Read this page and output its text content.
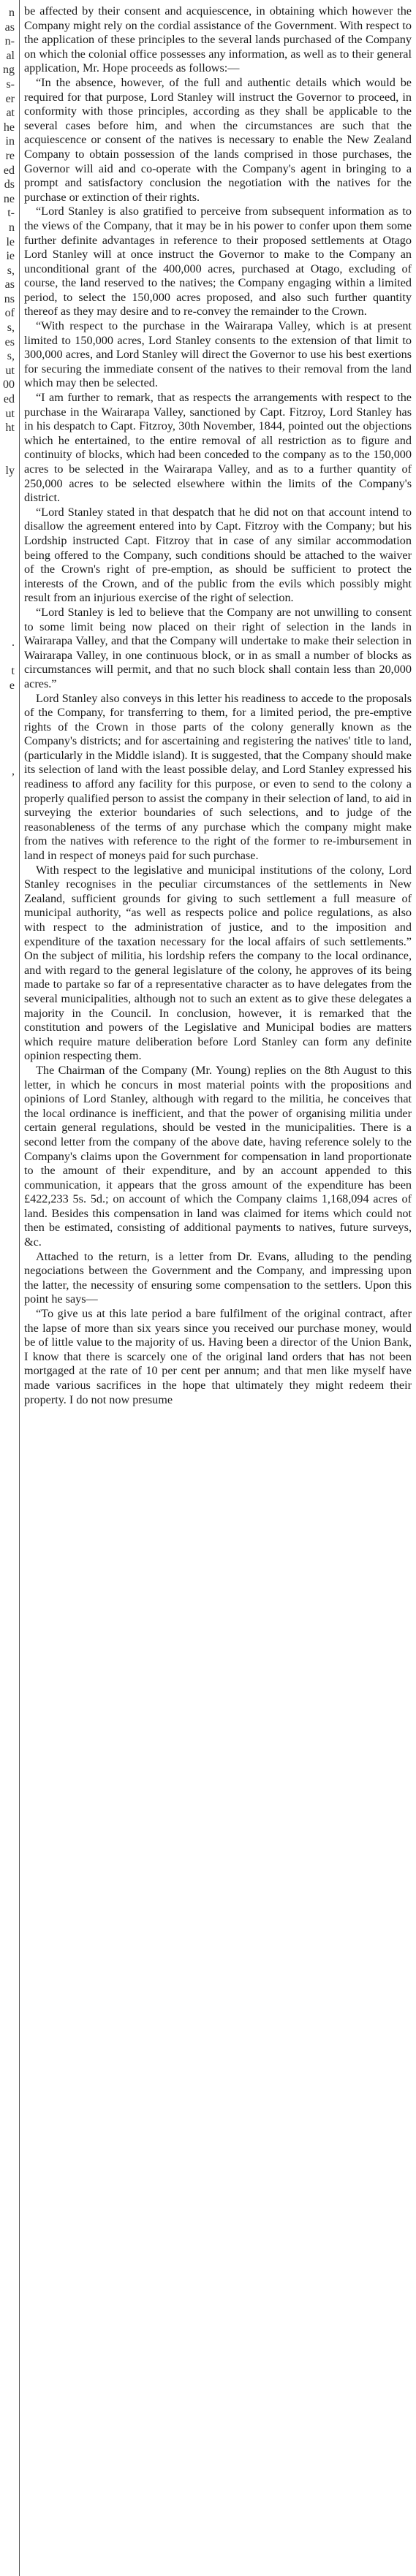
n
as
n-
al
ng
s-
er
at
he
in
re
ed
ds
ne
t-
n
le
ie
s,
as
ns
of
s,
es
s,
ut
00
ed
ut
ht
ly
.
t
e
,

be affected by their consent and acquiescence, in obtaining which however the Company might rely on the cordial assistance of the Government. With respect to the application of these principles to the several lands purchased of the Company on which the colonial office possesses any information, as well as to their general application, Mr. Hope proceeds as follows:—

“In the absence, however, of the full and authentic details which would be required for that purpose, Lord Stanley will instruct the Governor to proceed, in conformity with those principles, according as they shall be applicable to the several cases before him, and when the circumstances are such that the acquiescence or consent of the natives is necessary to enable the New Zealand Company to obtain possession of the lands comprised in those purchases, the Governor will aid and co-operate with the Company's agent in bringing to a prompt and satisfactory conclusion the negotiation with the natives for the purchase or extinction of their rights.

“Lord Stanley is also gratified to perceive from subsequent information as to the views of the Company, that it may be in his power to confer upon them some further definite advantages in reference to their proposed settlements at Otago Lord Stanley will at once instruct the Governor to make to the Company an unconditional grant of the 400,000 acres, purchased at Otago, excluding of course, the land reserved to the natives; the Company engaging within a limited period, to select the 150,000 acres proposed, and also such further quantity thereof as they may desire and to re-convey the remainder to the Crown.

“With respect to the purchase in the Wairarapa Valley, which is at present limited to 150,000 acres, Lord Stanley consents to the extension of that limit to 300,000 acres, and Lord Stanley will direct the Governor to use his best exertions for securing the immediate consent of the natives to their removal from the land which may then be selected.

“I am further to remark, that as respects the arrangements with respect to the purchase in the Wairarapa Valley, sanctioned by Capt. Fitzroy, Lord Stanley has in his despatch to Capt. Fitzroy, 30th November, 1844, pointed out the objections which he entertained, to the entire removal of all restriction as to figure and continuity of blocks, which had been conceded to the company as to the 150,000 acres to be selected in the Wairarapa Valley, and as to a further quantity of 250,000 acres to be selected elsewhere within the limits of the Company's district.

“Lord Stanley stated in that despatch that he did not on that account intend to disallow the agreement entered into by Capt. Fitzroy with the Company; but his Lordship instructed Capt. Fitzroy that in case of any similar accommodation being offered to the Company, such conditions should be attached to the waiver of the Crown's right of pre-emption, as should be sufficient to protect the interests of the Crown, and of the public from the evils which possibly might result from an injurious exercise of the right of selection.

“Lord Stanley is led to believe that the Company are not unwilling to consent to some limit being now placed on their right of selection in the lands in Wairarapa Valley, and that the Company will undertake to make their selection in Wairarapa Valley, in one continuous block, or in as small a number of blocks as circumstances will permit, and that no such block shall contain less than 20,000 acres.”

Lord Stanley also conveys in this letter his readiness to accede to the proposals of the Company, for transferring to them, for a limited period, the pre-emptive rights of the Crown in those parts of the colony generally known as the Company's districts; and for ascertaining and registering the natives' title to land, (particularly in the Middle island). It is suggested, that the Company should make its selection of land with the least possible delay, and Lord Stanley expressed his readiness to afford any facility for this purpose, or even to send to the colony a properly qualified person to assist the company in their selection of land, to aid in surveying the exterior boundaries of such selections, and to judge of the reasonableness of the terms of any purchase which the company might make from the natives with reference to the right of the former to re-imbursement in land in respect of moneys paid for such purchase.

With respect to the legislative and municipal institutions of the colony, Lord Stanley recognises in the peculiar circumstances of the settlements in New Zealand, sufficient grounds for giving to such settlement a full measure of municipal authority, “as well as respects police and police regulations, as also with respect to the administration of justice, and to the imposition and expenditure of the taxation necessary for the local affairs of such settlements.” On the subject of militia, his lordship refers the company to the local ordinance, and with regard to the general legislature of the colony, he approves of its being made to partake so far of a representative character as to have delegates from the several municipalities, although not to such an extent as to give these delegates a majority in the Council. In conclusion, however, it is remarked that the constitution and powers of the Legislative and Municipal bodies are matters which require mature deliberation before Lord Stanley can form any definite opinion respecting them.

The Chairman of the Company (Mr. Young) replies on the 8th August to this letter, in which he concurs in most material points with the propositions and opinions of Lord Stanley, although with regard to the militia, he conceives that the local ordinance is inefficient, and that the power of organising militia under certain general regulations, should be vested in the municipalities. There is a second letter from the company of the above date, having reference solely to the Company's claims upon the Government for compensation in land proportionate to the amount of their expenditure, and by an account appended to this communication, it appears that the gross amount of the expenditure has been £422,233 5s. 5d.; on account of which the Company claims 1,168,094 acres of land. Besides this compensation in land was claimed for items which could not then be estimated, consisting of additional payments to natives, future surveys, &c.

Attached to the return, is a letter from Dr. Evans, alluding to the pending negociations between the Government and the Company, and impressing upon the latter, the necessity of ensuring some compensation to the settlers. Upon this point he says—

“To give us at this late period a bare fulfilment of the original contract, after the lapse of more than six years since you received our purchase money, would be of little value to the majority of us. Having been a director of the Union Bank, I know that there is scarcely one of the original land orders that has not been mortgaged at the rate of 10 per cent per annum; and that men like myself have made various sacrifices in the hope that ultimately they might redeem their property. I do not now presume
